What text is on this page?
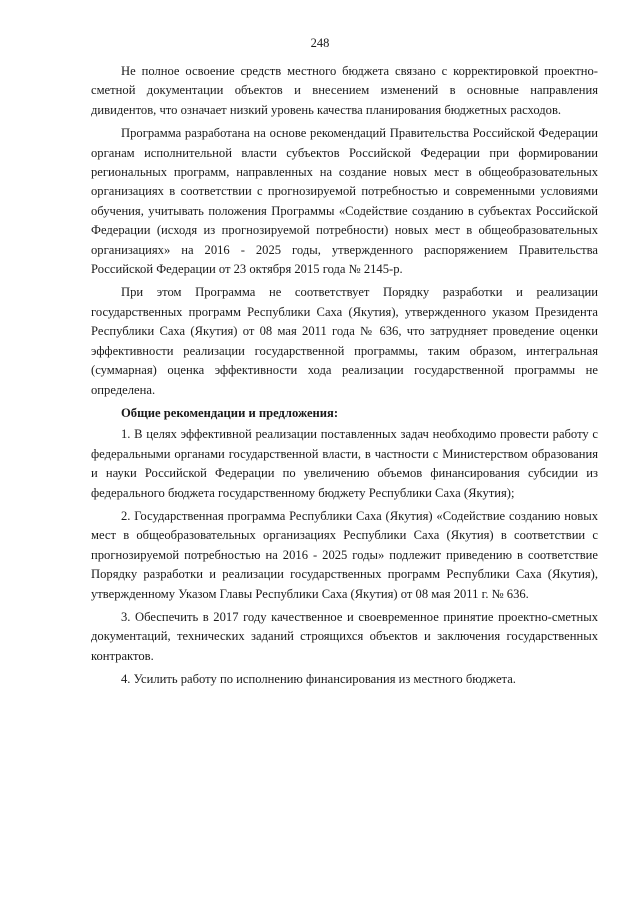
248

Не полное освоение средств местного бюджета связано с корректировкой проектно-сметной документации объектов и внесением изменений в основные направления дивидентов, что означает низкий уровень качества планирования бюджетных расходов.

Программа разработана на основе рекомендаций Правительства Российской Федерации органам исполнительной власти субъектов Российской Федерации при формировании региональных программ, направленных на создание новых мест в общеобразовательных организациях в соответствии с прогнозируемой потребностью и современными условиями обучения, учитывать положения Программы «Содействие созданию в субъектах Российской Федерации (исходя из прогнозируемой потребности) новых мест в общеобразовательных организациях» на 2016 - 2025 годы, утвержденного распоряжением Правительства Российской Федерации от 23 октября 2015 года № 2145-р.

При этом Программа не соответствует Порядку разработки и реализации государственных программ Республики Саха (Якутия), утвержденного указом Президента Республики Саха (Якутия) от 08 мая 2011 года № 636, что затрудняет проведение оценки эффективности реализации государственной программы, таким образом, интегральная (суммарная) оценка эффективности хода реализации государственной программы не определена.

Общие рекомендации и предложения:

1. В целях эффективной реализации поставленных задач необходимо провести работу с федеральными органами государственной власти, в частности с Министерством образования и науки Российской Федерации по увеличению объемов финансирования субсидии из федерального бюджета государственному бюджету Республики Саха (Якутия);

2. Государственная программа Республики Саха (Якутия) «Содействие созданию новых мест в общеобразовательных организациях Республики Саха (Якутия) в соответствии с прогнозируемой потребностью на 2016 - 2025 годы» подлежит приведению в соответствие Порядку разработки и реализации государственных программ Республики Саха (Якутия), утвержденному Указом Главы Республики Саха (Якутия) от 08 мая 2011 г. № 636.

3. Обеспечить в 2017 году качественное и своевременное принятие проектно-сметных документаций, технических заданий строящихся объектов и заключения государственных контрактов.

4. Усилить работу по исполнению финансирования из местного бюджета.
